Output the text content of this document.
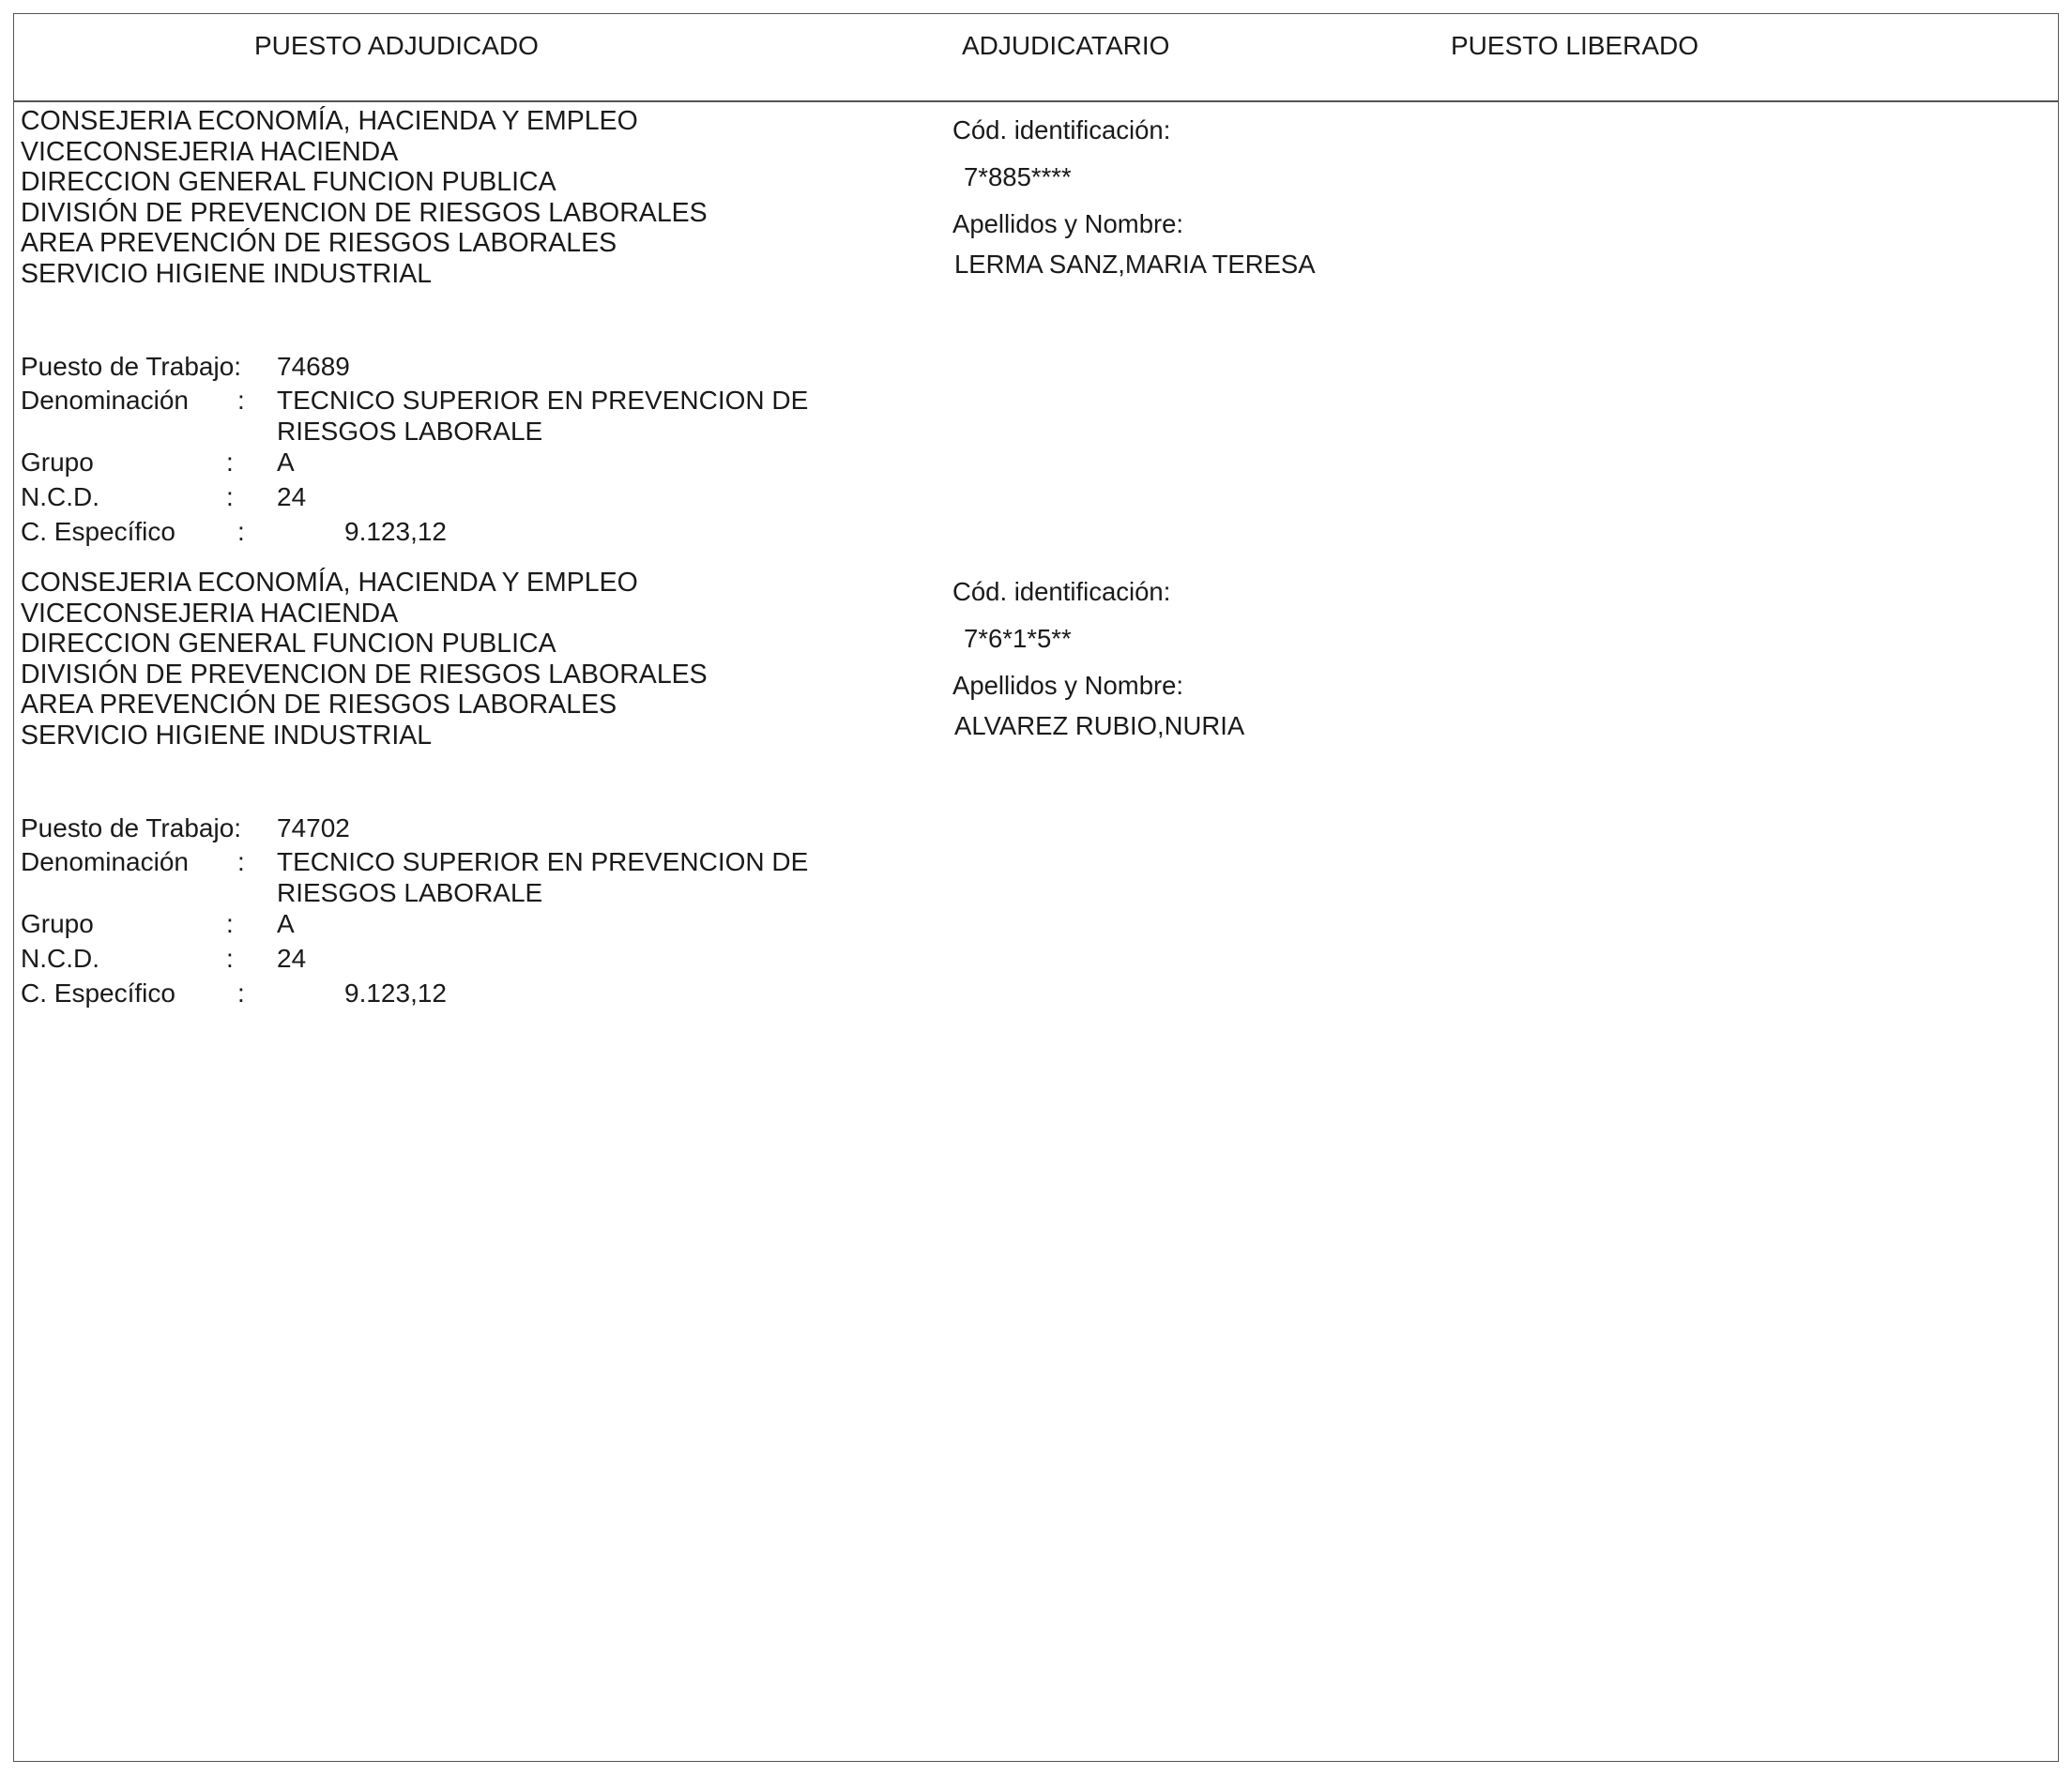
PUESTO ADJUDICADO	ADJUDICATARIO	PUESTO LIBERADO
CONSEJERIA ECONOMÍA, HACIENDA Y EMPLEO
VICECONSEJERIA HACIENDA
DIRECCION GENERAL FUNCION PUBLICA
DIVISIÓN DE PREVENCION DE RIESGOS LABORALES
AREA PREVENCIÓN DE RIESGOS LABORALES
SERVICIO HIGIENE INDUSTRIAL
Puesto de Trabajo: 74689
Denominación : TECNICO SUPERIOR EN PREVENCION DE
RIESGOS LABORALE
Grupo	: A
N.C.D.	: 24
C. Específico :	9.123,12
Cód. identificación:
7*885****
Apellidos y Nombre:
LERMA SANZ,MARIA TERESA
CONSEJERIA ECONOMÍA, HACIENDA Y EMPLEO
VICECONSEJERIA HACIENDA
DIRECCION GENERAL FUNCION PUBLICA
DIVISIÓN DE PREVENCION DE RIESGOS LABORALES
AREA PREVENCIÓN DE RIESGOS LABORALES
SERVICIO HIGIENE INDUSTRIAL
Puesto de Trabajo: 74702
Denominación : TECNICO SUPERIOR EN PREVENCION DE
RIESGOS LABORALE
Grupo	: A
N.C.D.	: 24
C. Específico :	9.123,12
Cód. identificación:
7*6*1*5**
Apellidos y Nombre:
ALVAREZ RUBIO,NURIA
